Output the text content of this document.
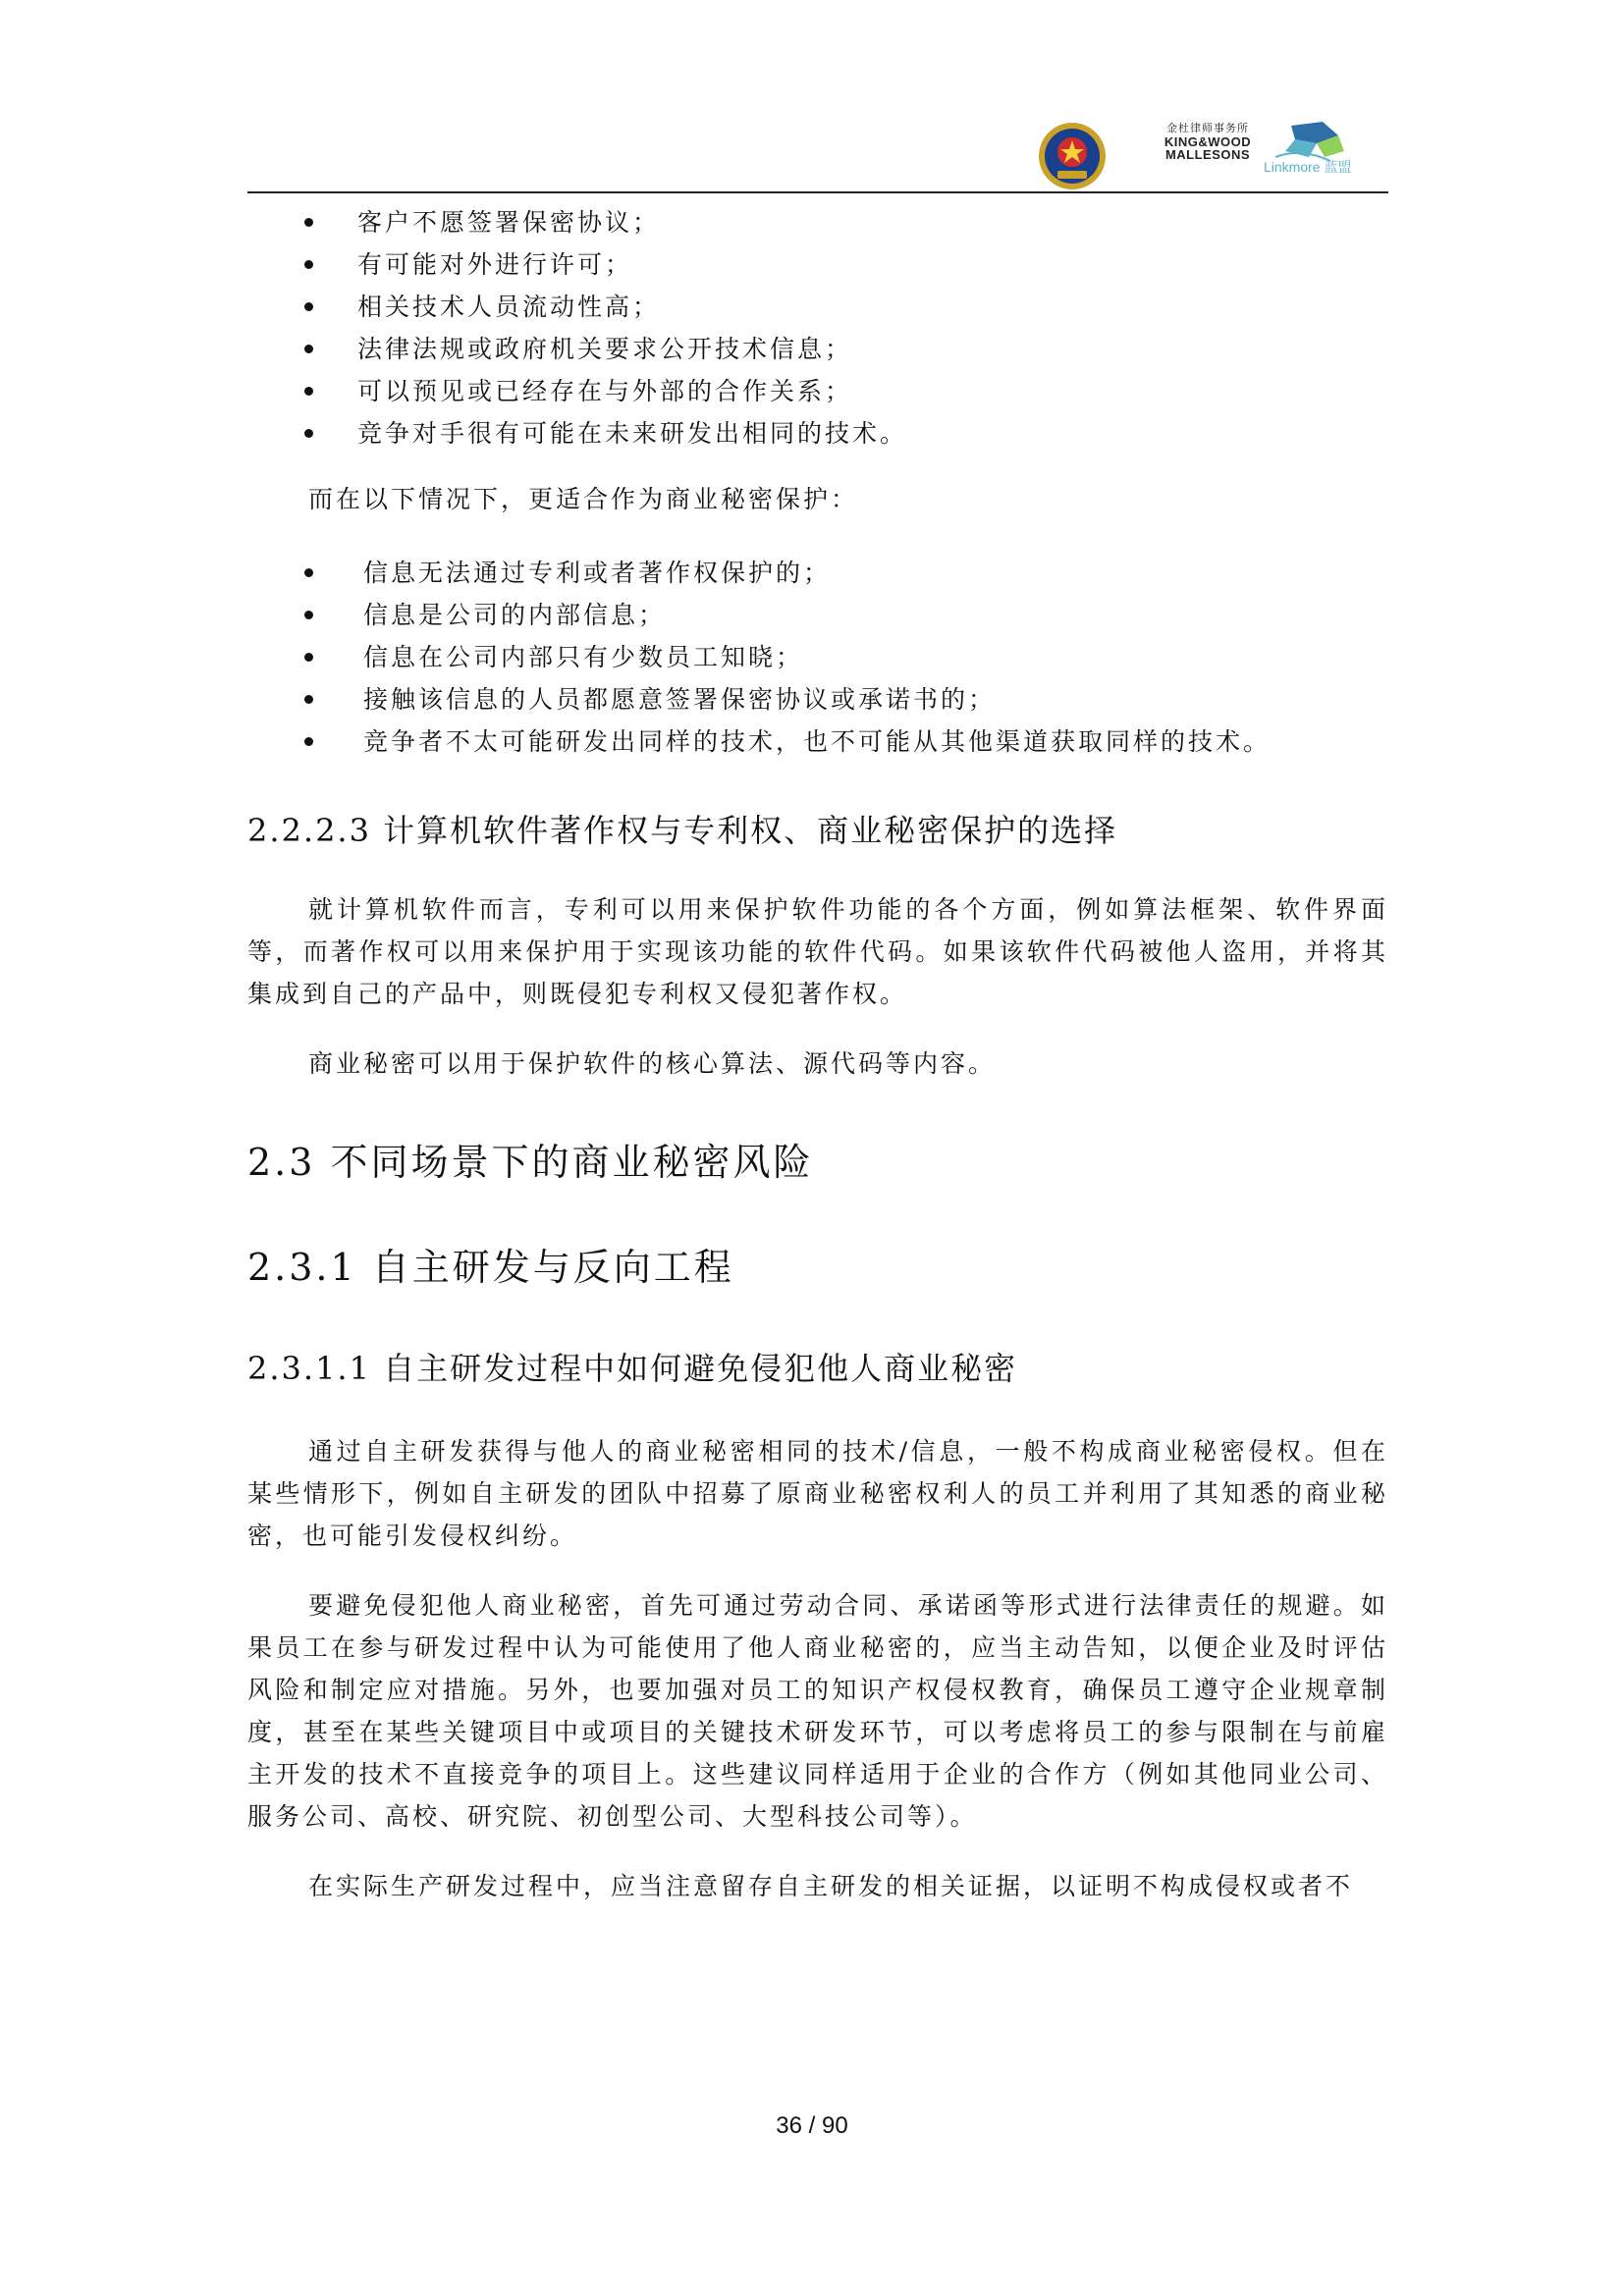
金杜律师事务所
KING&WOOD
MALLESONS
Linkmore 蓝盟
客户不愿签署保密协议；
有可能对外进行许可；
相关技术人员流动性高；
法律法规或政府机关要求公开技术信息；
可以预见或已经存在与外部的合作关系；
竞争对手很有可能在未来研发出相同的技术。

而在以下情况下，更适合作为商业秘密保护：

信息无法通过专利或者著作权保护的；
信息是公司的内部信息；
信息在公司内部只有少数员工知晓；
接触该信息的人员都愿意签署保密协议或承诺书的；
竞争者不太可能研发出同样的技术，也不可能从其他渠道获取同样的技术。
2.2.2.3 计算机软件著作权与专利权、商业秘密保护的选择

就计算机软件而言，专利可以用来保护软件功能的各个方面，例如算法框架、软件界面等，而著作权可以用来保护用于实现该功能的软件代码。如果该软件代码被他人盗用，并将其集成到自己的产品中，则既侵犯专利权又侵犯著作权。

商业秘密可以用于保护软件的核心算法、源代码等内容。

2.3 不同场景下的商业秘密风险
2.3.1 自主研发与反向工程
2.3.1.1 自主研发过程中如何避免侵犯他人商业秘密

通过自主研发获得与他人的商业秘密相同的技术/信息，一般不构成商业秘密侵权。但在某些情形下，例如自主研发的团队中招募了原商业秘密权利人的员工并利用了其知悉的商业秘密，也可能引发侵权纠纷。

要避免侵犯他人商业秘密，首先可通过劳动合同、承诺函等形式进行法律责任的规避。如果员工在参与研发过程中认为可能使用了他人商业秘密的，应当主动告知，以便企业及时评估风险和制定应对措施。另外，也要加强对员工的知识产权侵权教育，确保员工遵守企业规章制度，甚至在某些关键项目中或项目的关键技术研发环节，可以考虑将员工的参与限制在与前雇主开发的技术不直接竞争的项目上。这些建议同样适用于企业的合作方（例如其他同业公司、服务公司、高校、研究院、初创型公司、大型科技公司等）。

在实际生产研发过程中，应当注意留存自主研发的相关证据，以证明不构成侵权或者不

36 / 90
